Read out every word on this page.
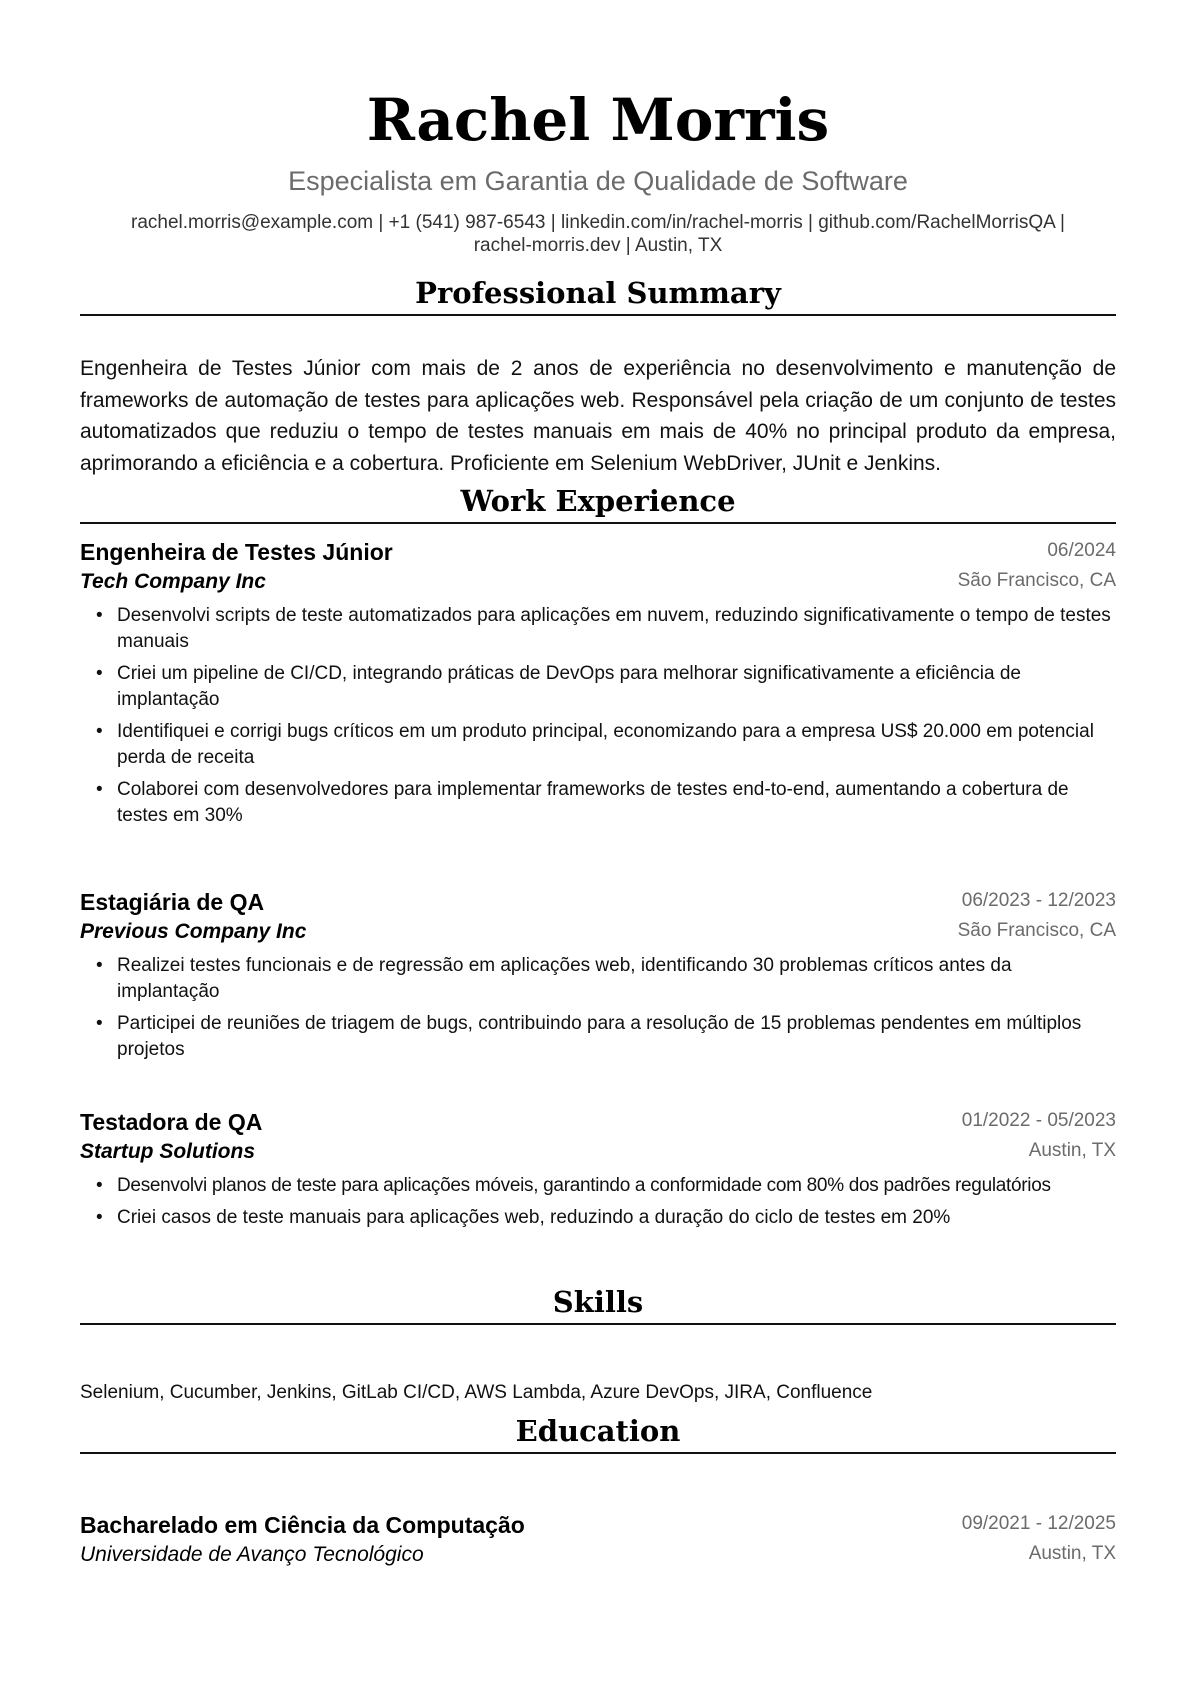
Rachel Morris
Especialista em Garantia de Qualidade de Software
rachel.morris@example.com | +1 (541) 987-6543 | linkedin.com/in/rachel-morris | github.com/RachelMorrisQA |
rachel-morris.dev | Austin, TX
Professional Summary
Engenheira de Testes Júnior com mais de 2 anos de experiência no desenvolvimento e manutenção de frameworks de automação de testes para aplicações web. Responsável pela criação de um conjunto de testes automatizados que reduziu o tempo de testes manuais em mais de 40% no principal produto da empresa, aprimorando a eficiência e a cobertura. Proficiente em Selenium WebDriver, JUnit e Jenkins.
Work Experience
Engenheira de Testes Júnior	06/2024
Tech Company Inc	São Francisco, CA
• Desenvolvi scripts de teste automatizados para aplicações em nuvem, reduzindo significativamente o tempo de testes manuais
• Criei um pipeline de CI/CD, integrando práticas de DevOps para melhorar significativamente a eficiência de implantação
• Identifiquei e corrigi bugs críticos em um produto principal, economizando para a empresa US$ 20.000 em potencial perda de receita
• Colaborei com desenvolvedores para implementar frameworks de testes end-to-end, aumentando a cobertura de testes em 30%
Estagiária de QA	06/2023 - 12/2023
Previous Company Inc	São Francisco, CA
• Realizei testes funcionais e de regressão em aplicações web, identificando 30 problemas críticos antes da implantação
• Participei de reuniões de triagem de bugs, contribuindo para a resolução de 15 problemas pendentes em múltiplos projetos
Testadora de QA	01/2022 - 05/2023
Startup Solutions	Austin, TX
• Desenvolvi planos de teste para aplicações móveis, garantindo a conformidade com 80% dos padrões regulatórios
• Criei casos de teste manuais para aplicações web, reduzindo a duração do ciclo de testes em 20%
Skills
Selenium, Cucumber, Jenkins, GitLab CI/CD, AWS Lambda, Azure DevOps, JIRA, Confluence
Education
Bacharelado em Ciência da Computação	09/2021 - 12/2025
Universidade de Avanço Tecnológico	Austin, TX
